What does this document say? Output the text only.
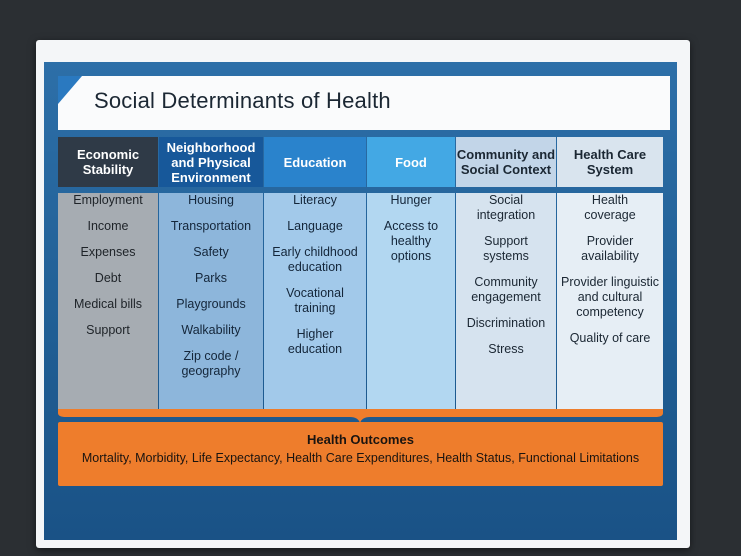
Social Determinants of Health
Economic Stability
Employment
Income
Expenses
Debt
Medical bills
Support
Neighborhood and Physical Environment
Housing
Transportation
Safety
Parks
Playgrounds
Walkability
Zip code / geography
Education
Literacy
Language
Early childhood education
Vocational training
Higher education
Food
Hunger
Access to healthy options
Community and Social Context
Social integration
Support systems
Community engagement
Discrimination
Stress
Health Care System
Health coverage
Provider availability
Provider linguistic and cultural competency
Quality of care
Health Outcomes
Mortality, Morbidity, Life Expectancy, Health Care Expenditures, Health Status, Functional Limitations
